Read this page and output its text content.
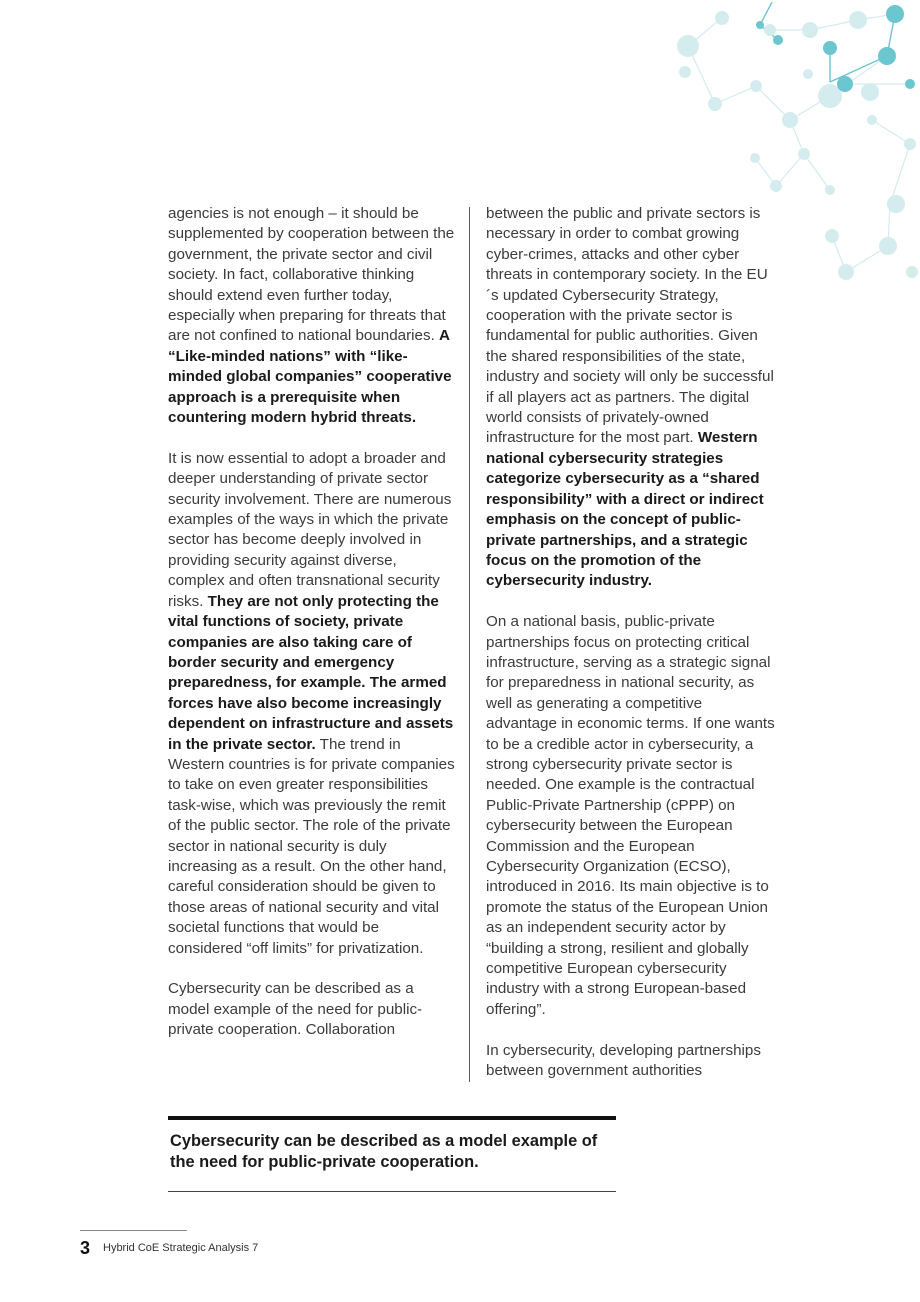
agencies is not enough – it should be supplemented by cooperation between the government, the private sector and civil society. In fact, collaborative thinking should extend even further today, especially when preparing for threats that are not confined to national boundaries. A “Like-minded nations” with “like-minded global companies” cooperative approach is a prerequisite when countering modern hybrid threats.

It is now essential to adopt a broader and deeper understanding of private sector security involvement. There are numerous examples of the ways in which the private sector has become deeply involved in providing security against diverse, complex and often transnational security risks. They are not only protecting the vital functions of society, private companies are also taking care of border security and emergency preparedness, for example. The armed forces have also become increasingly dependent on infrastructure and assets in the private sector. The trend in Western countries is for private companies to take on even greater responsibilities task-wise, which was previously the remit of the public sector. The role of the private sector in national security is duly increasing as a result. On the other hand, careful consideration should be given to those areas of national security and vital societal functions that would be considered “off limits” for privatization.

Cybersecurity can be described as a model example of the need for public-private cooperation. Collaboration

between the public and private sectors is necessary in order to combat growing cyber-crimes, attacks and other cyber threats in contemporary society. In the EU´s updated Cybersecurity Strategy, cooperation with the private sector is fundamental for public authorities. Given the shared responsibilities of the state, industry and society will only be successful if all players act as partners. The digital world consists of privately-owned infrastructure for the most part. Western national cybersecurity strategies categorize cybersecurity as a “shared responsibility” with a direct or indirect emphasis on the concept of public-private partnerships, and a strategic focus on the promotion of the cybersecurity industry.

On a national basis, public-private partnerships focus on protecting critical infrastructure, serving as a strategic signal for preparedness in national security, as well as generating a competitive advantage in economic terms. If one wants to be a credible actor in cybersecurity, a strong cybersecurity private sector is needed. One example is the contractual Public-Private Partnership (cPPP) on cybersecurity between the European Commission and the European Cybersecurity Organization (ECSO), introduced in 2016. Its main objective is to promote the status of the European Union as an independent security actor by “building a strong, resilient and globally competitive European cybersecurity industry with a strong European-based offering”.

In cybersecurity, developing partnerships between government authorities

Cybersecurity can be described as a model example of the need for public-private cooperation.
3 Hybrid CoE Strategic Analysis 7
